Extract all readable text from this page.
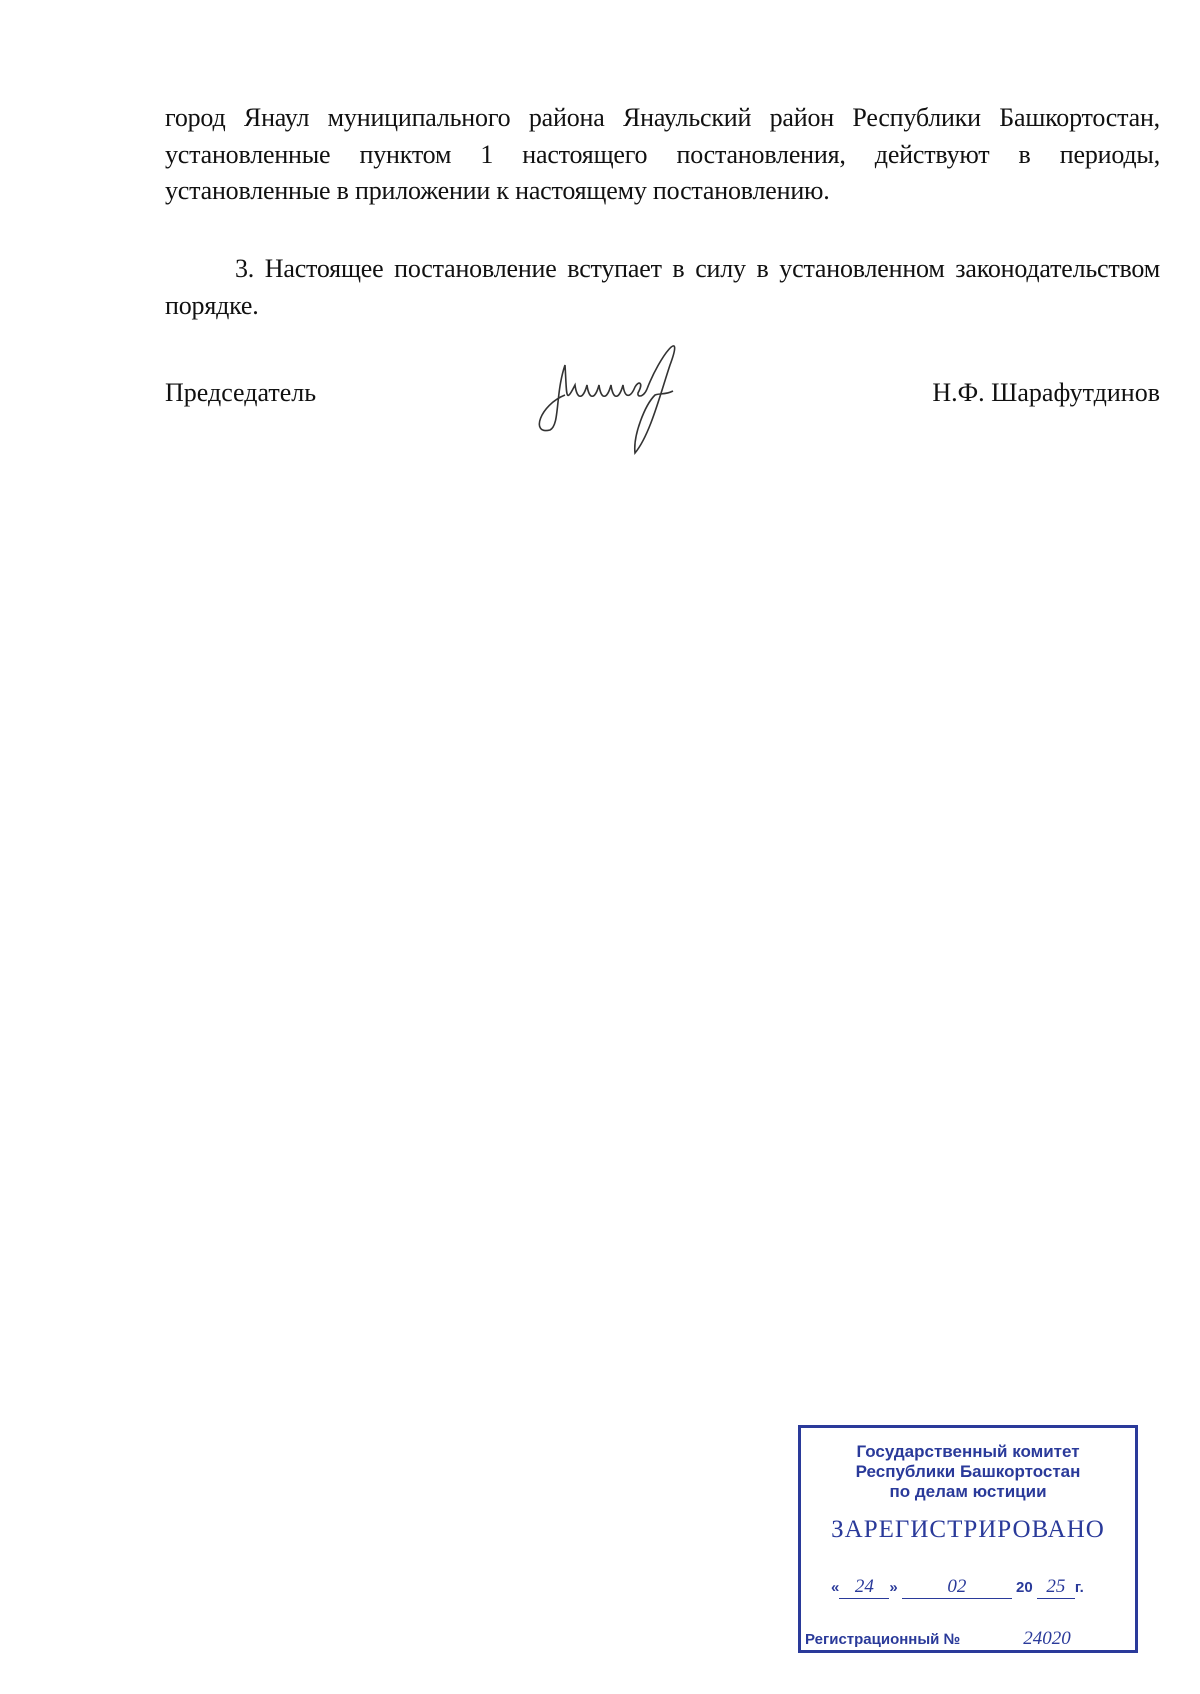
город Янаул муниципального района Янаульский район Республики Башкортостан, установленные пунктом 1 настоящего постановления, действуют в периоды, установленные в приложении к настоящему постановлению.
3. Настоящее постановление вступает в силу в установленном законодательством порядке.
Председатель	Н.Ф. Шарафутдинов
Государственный комитет
Республики Башкортостан
по делам юстиции
ЗАРЕГИСТРИРОВАНО
« 24 »	02	20 25 г.
Регистрационный №	24020
